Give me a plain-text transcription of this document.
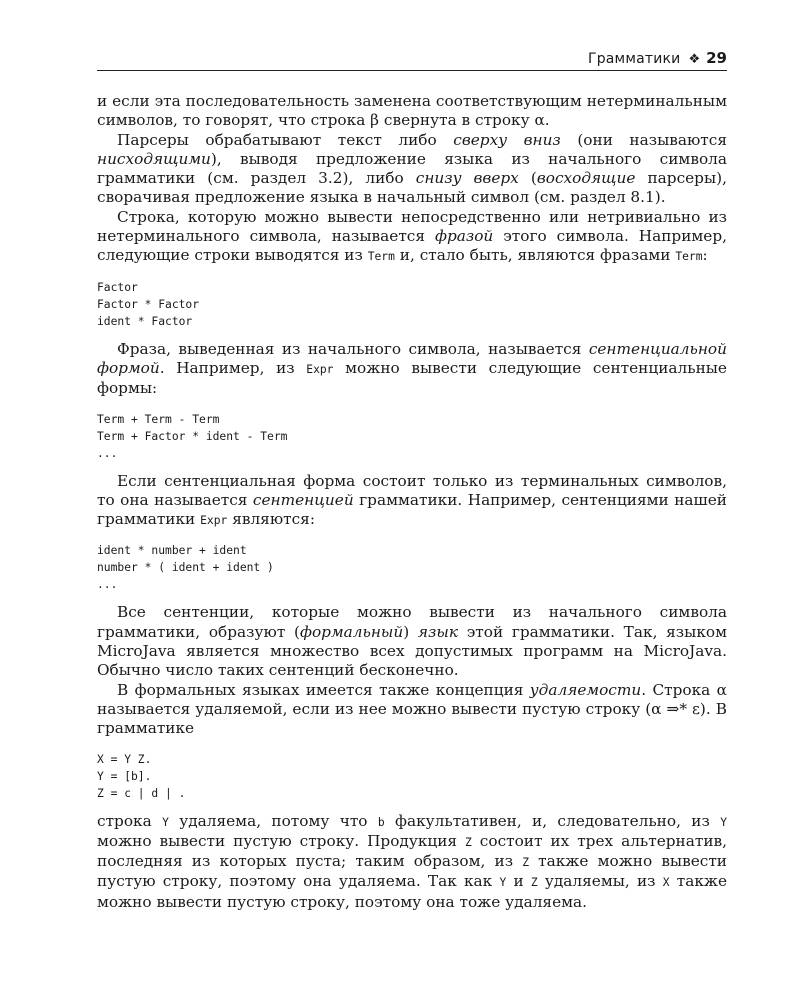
Грамматики ❖ 29

и если эта последовательность заменена соответствующим нетерминальным символов, то говорят, что строка β свернута в строку α.

Парсеры обрабатывают текст либо сверху вниз (они называются нисходящими), выводя предложение языка из начального символа грамматики (см. раздел 3.2), либо снизу вверх (восходящие парсеры), сворачивая предложение языка в начальный символ (см. раздел 8.1).

Строка, которую можно вывести непосредственно или нетривиально из нетерминального символа, называется фразой этого символа. Например, следующие строки выводятся из Term и, стало быть, являются фразами Term:

Factor
Factor * Factor
ident * Factor

Фраза, выведенная из начального символа, называется сентенциальной формой. Например, из Expr можно вывести следующие сентенциальные формы:

Term + Term - Term
Term + Factor * ident - Term
...

Если сентенциальная форма состоит только из терминальных символов, то она называется сентенцией грамматики. Например, сентенциями нашей грамматики Expr являются:

ident * number + ident
number * ( ident + ident )
...

Все сентенции, которые можно вывести из начального символа грамматики, образуют (формальный) язык этой грамматики. Так, языком MicroJava является множество всех допустимых программ на MicroJava. Обычно число таких сентенций бесконечно.

В формальных языках имеется также концепция удаляемости. Строка α называется удаляемой, если из нее можно вывести пустую строку (α ⇒* ε). В грамматике

X = Y Z.
Y = [b].
Z = c | d | .

строка Y удаляема, потому что b факультативен, и, следовательно, из Y можно вывести пустую строку. Продукция Z состоит их трех альтернатив, последняя из которых пуста; таким образом, из Z также можно вывести пустую строку, поэтому она удаляема. Так как Y и Z удаляемы, из X также можно вывести пустую строку, поэтому она тоже удаляема.
